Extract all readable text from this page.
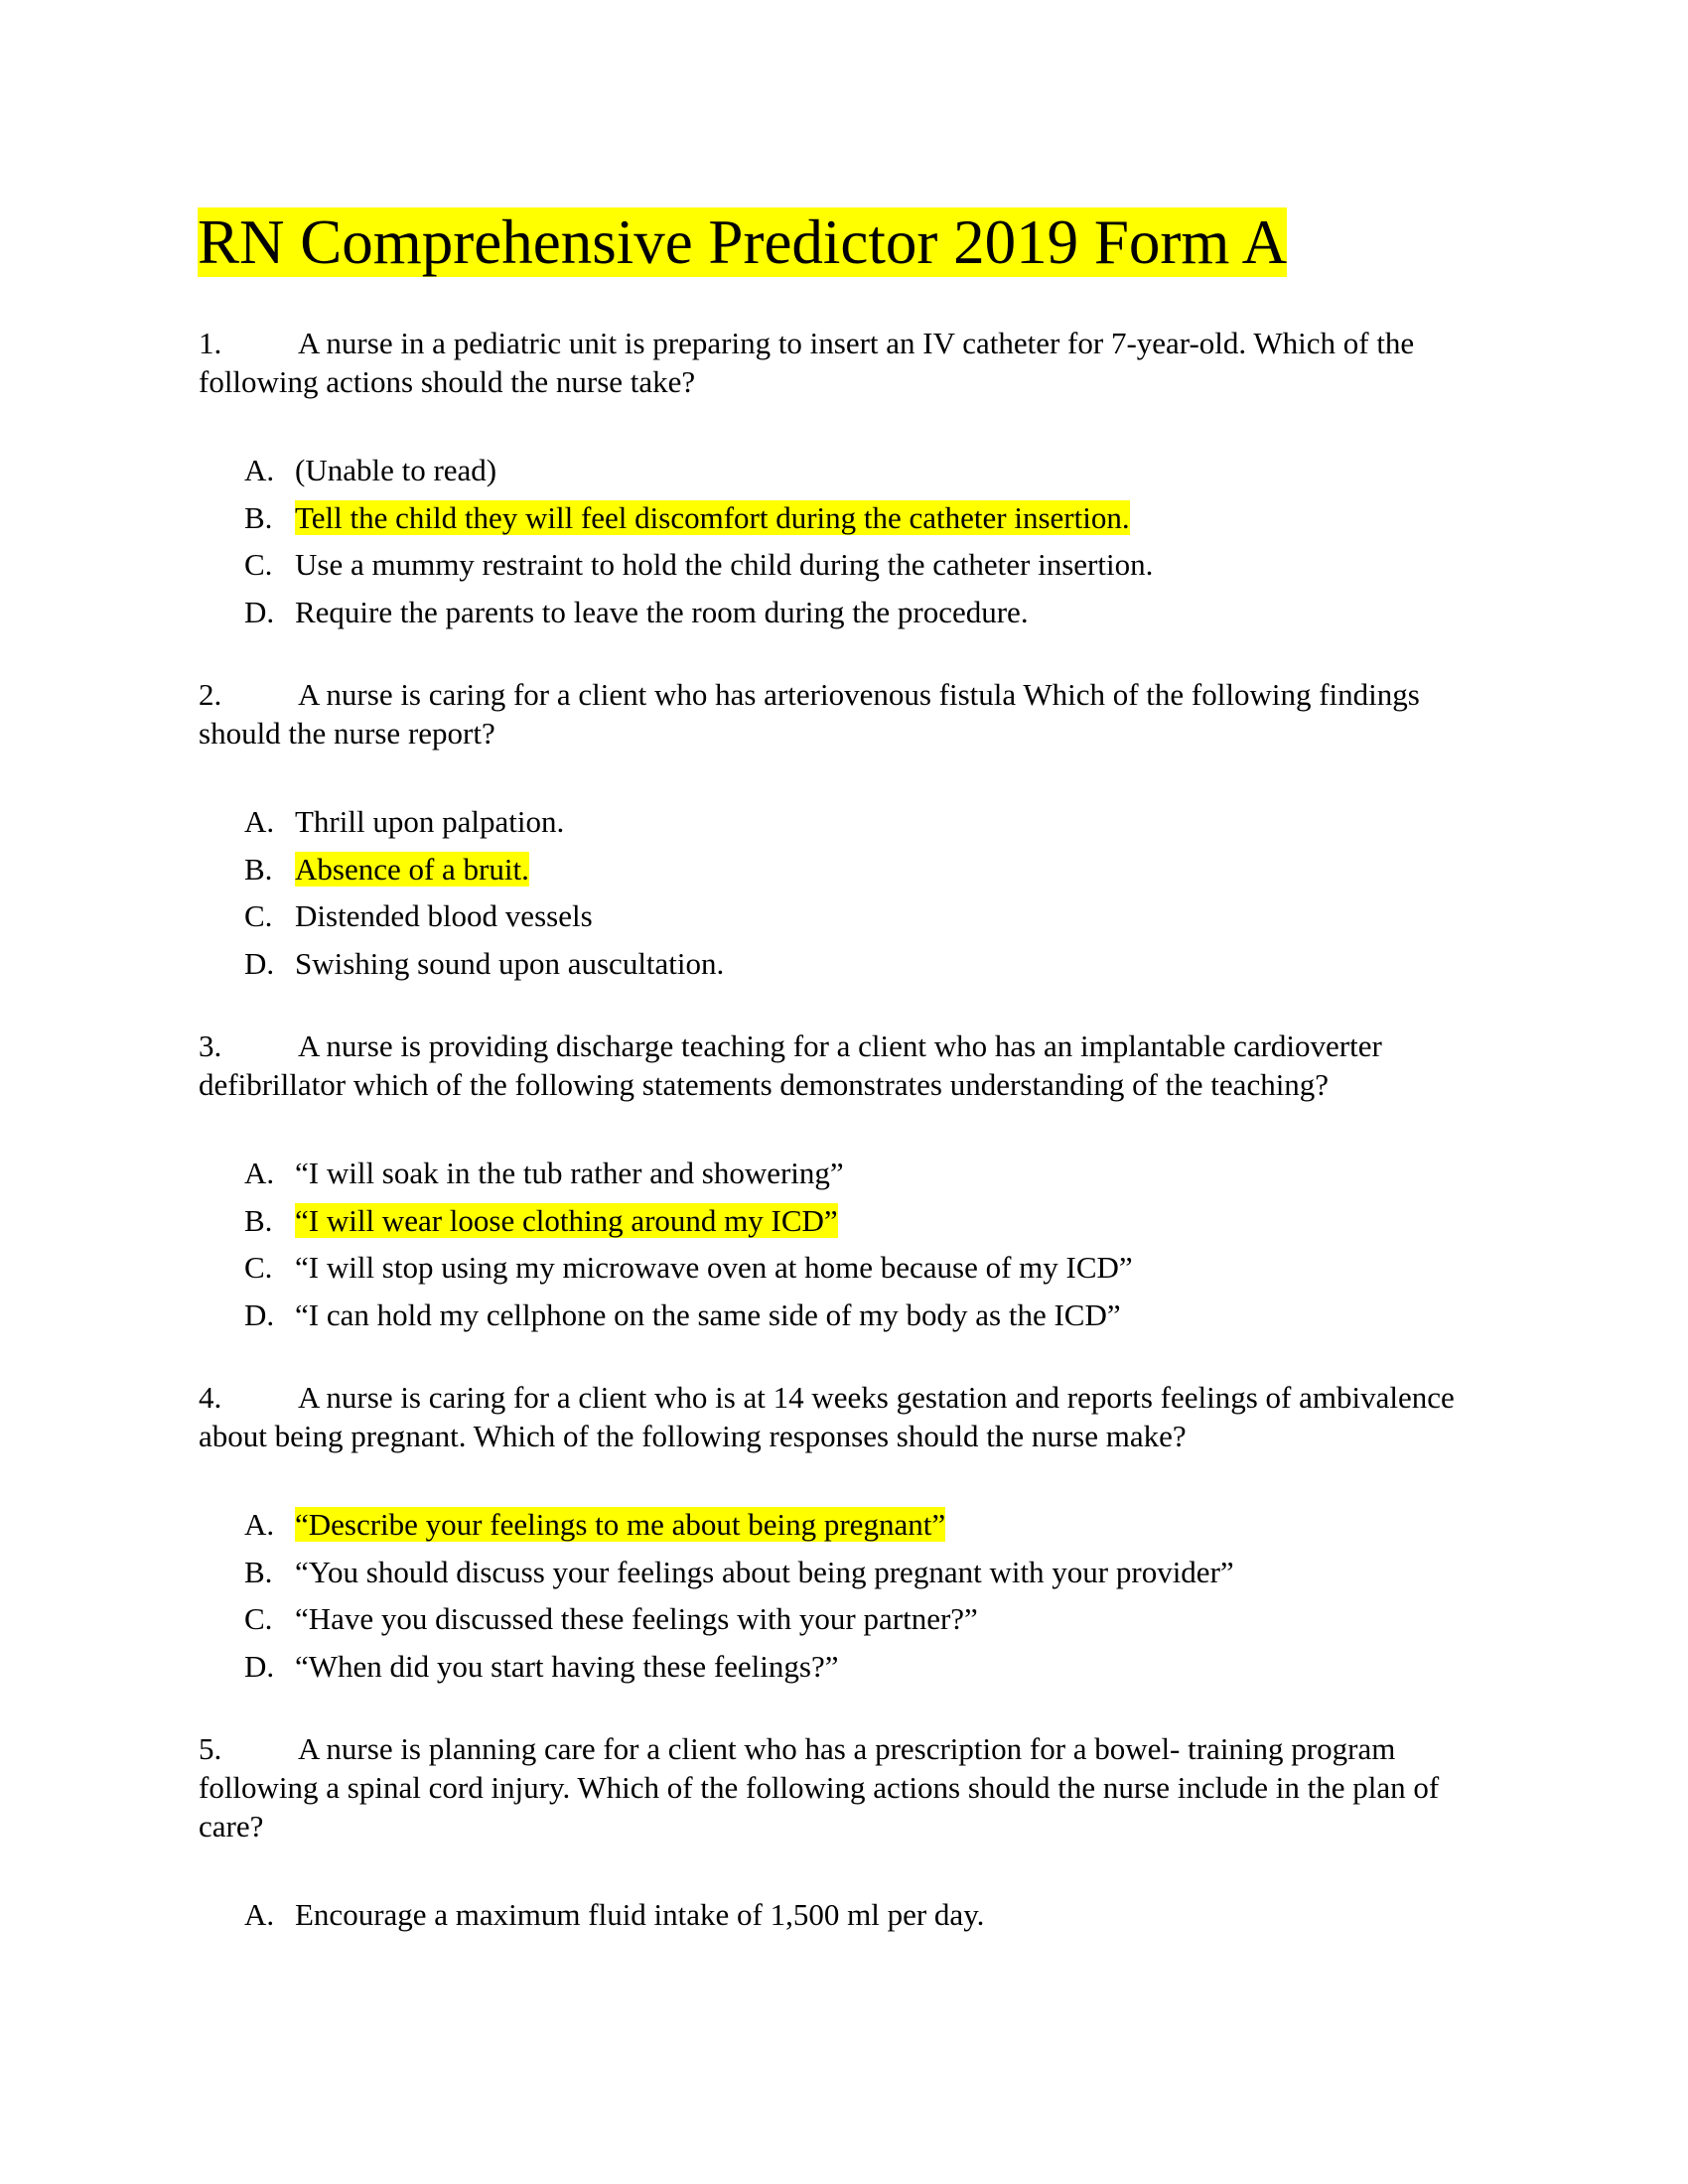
RN Comprehensive Predictor 2019 Form A
1. A nurse in a pediatric unit is preparing to insert an IV catheter for 7-year-old. Which of the following actions should the nurse take?
A. (Unable to read)
B. Tell the child they will feel discomfort during the catheter insertion.
C. Use a mummy restraint to hold the child during the catheter insertion.
D. Require the parents to leave the room during the procedure.
2. A nurse is caring for a client who has arteriovenous fistula Which of the following findings should the nurse report?
A. Thrill upon palpation.
B. Absence of a bruit.
C. Distended blood vessels
D. Swishing sound upon auscultation.
3. A nurse is providing discharge teaching for a client who has an implantable cardioverter defibrillator which of the following statements demonstrates understanding of the teaching?
A. “I will soak in the tub rather and showering”
B. “I will wear loose clothing around my ICD”
C. “I will stop using my microwave oven at home because of my ICD”
D. “I can hold my cellphone on the same side of my body as the ICD”
4. A nurse is caring for a client who is at 14 weeks gestation and reports feelings of ambivalence about being pregnant. Which of the following responses should the nurse make?
A. “Describe your feelings to me about being pregnant”
B. “You should discuss your feelings about being pregnant with your provider”
C. “Have you discussed these feelings with your partner?”
D. “When did you start having these feelings?”
5. A nurse is planning care for a client who has a prescription for a bowel- training program following a spinal cord injury. Which of the following actions should the nurse include in the plan of care?
A. Encourage a maximum fluid intake of 1,500 ml per day.
